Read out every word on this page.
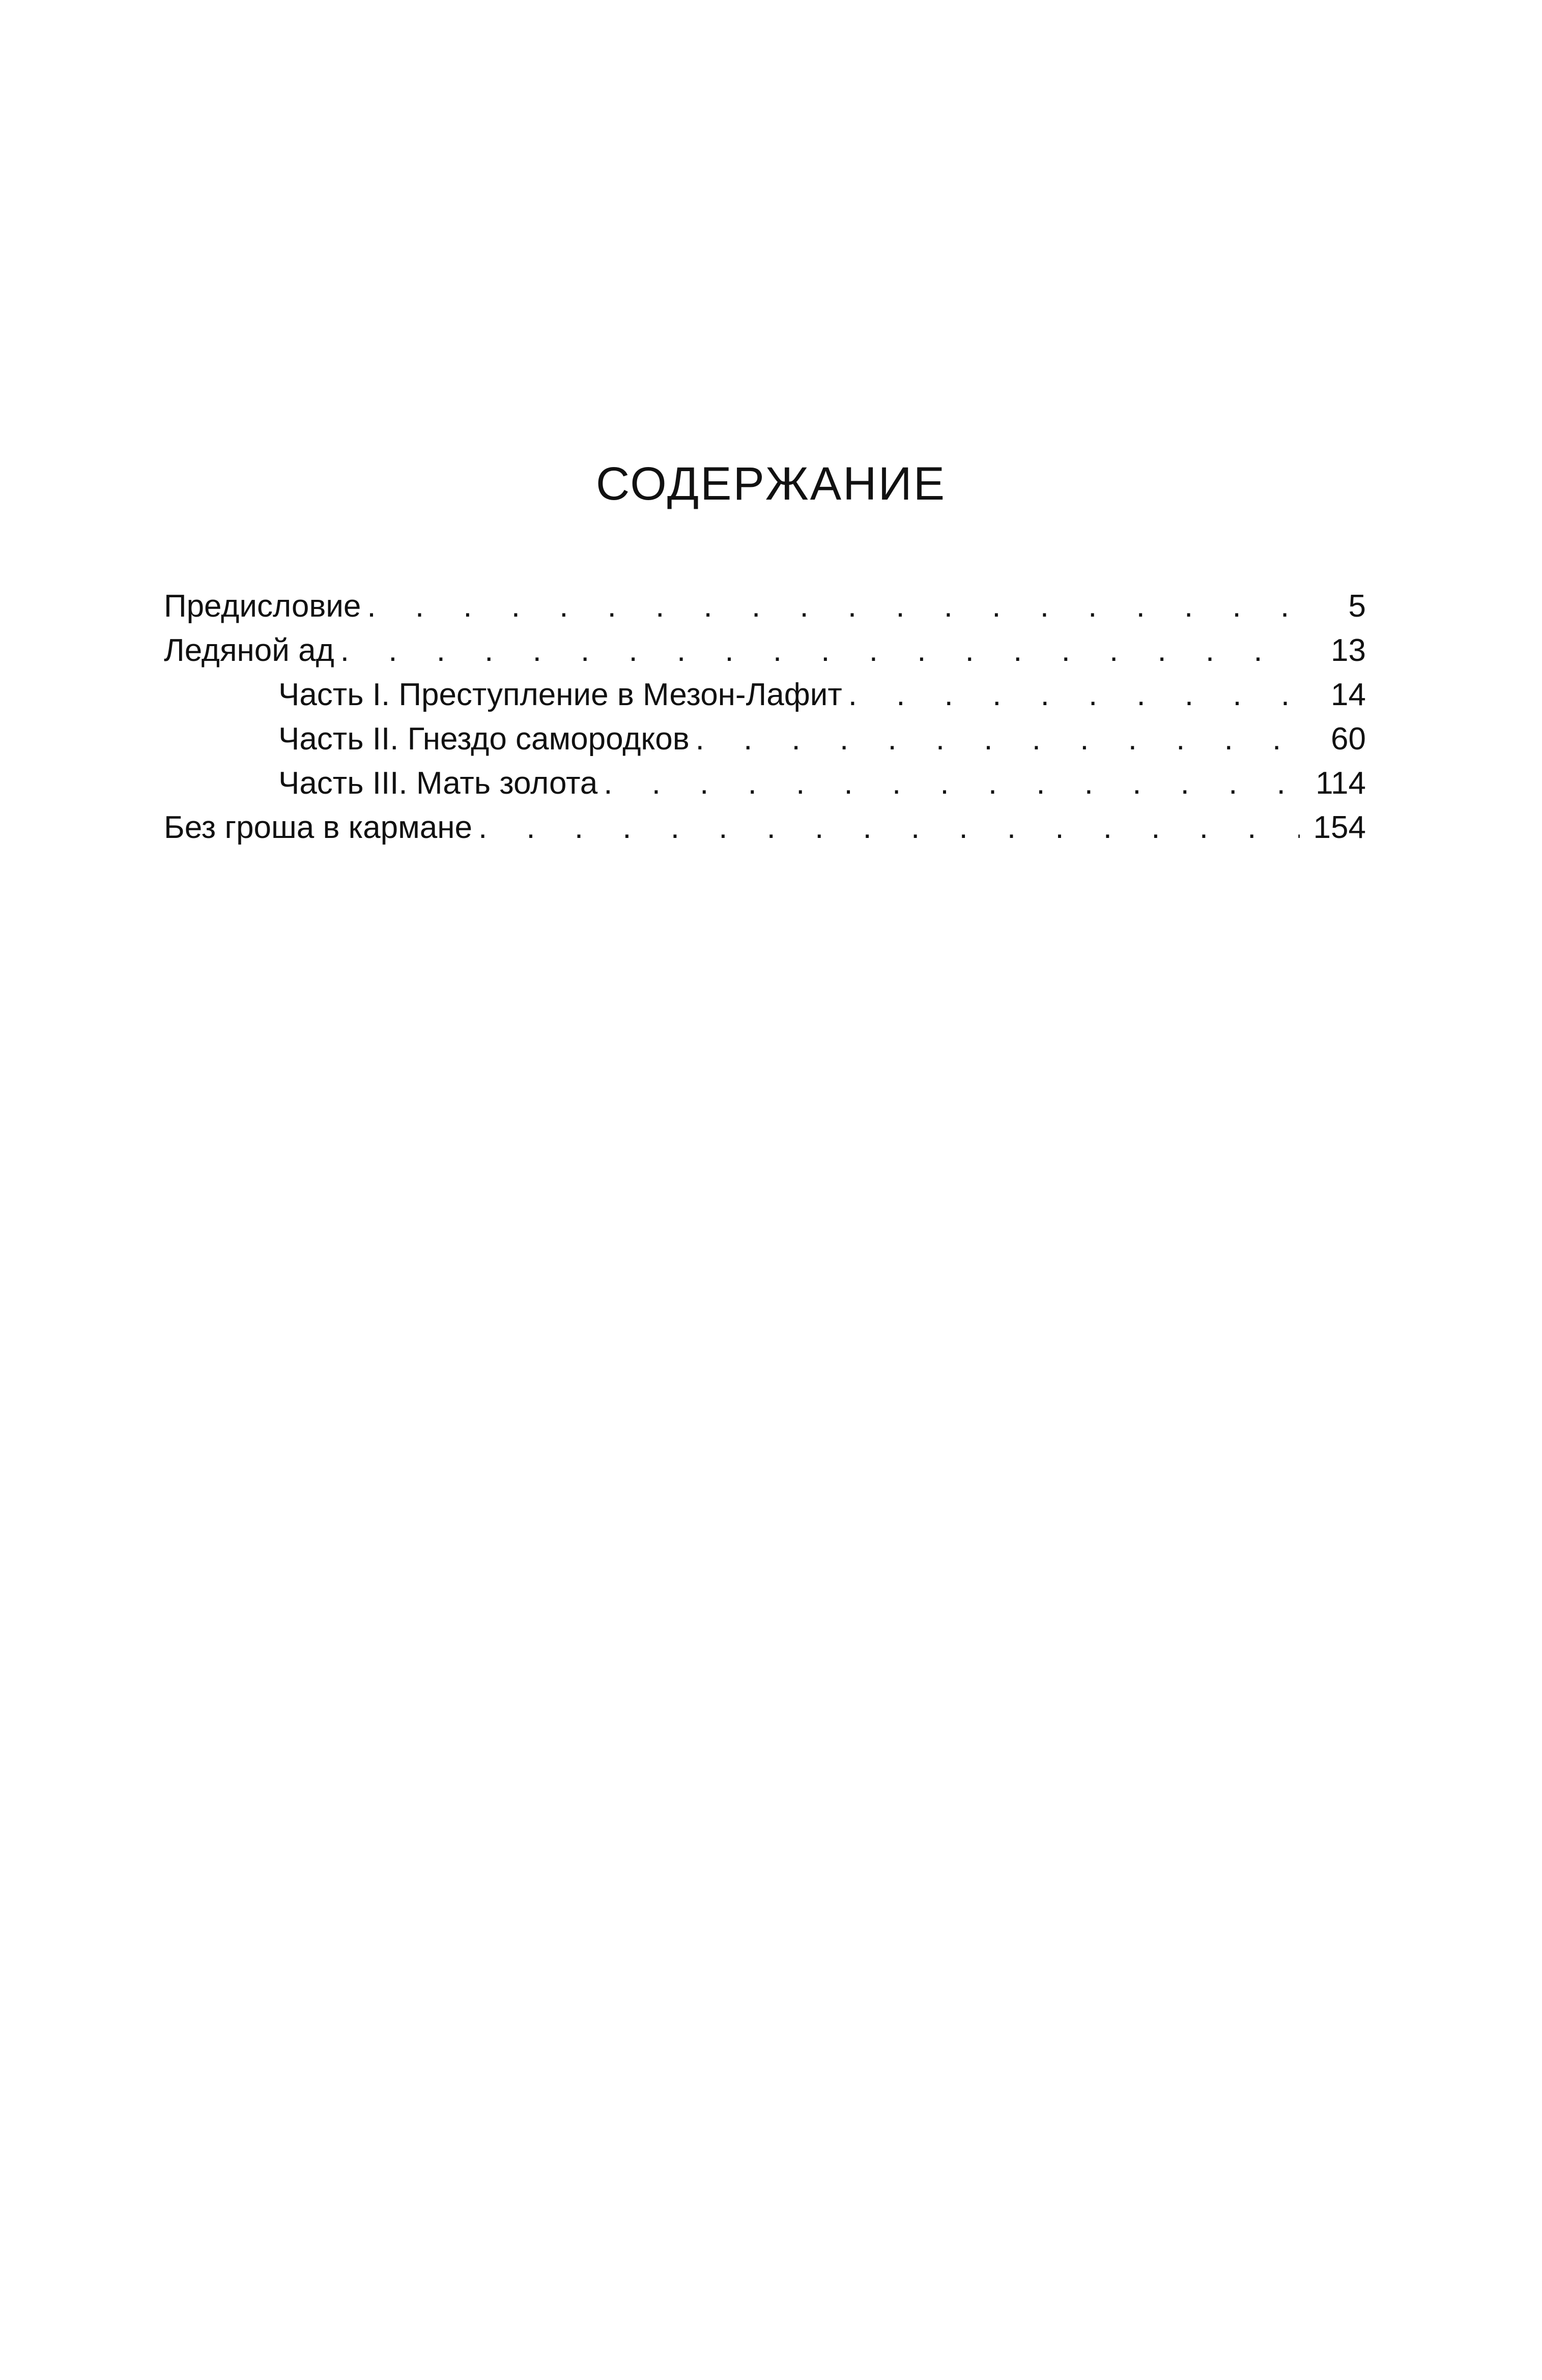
СОДЕРЖАНИЕ
Предисловие . . .	5
Ледяной ад . . .	13
Часть I. Преступление в Мезон-Лафит . . .	14
Часть II. Гнездо самородков . . .	60
Часть III. Мать золота . . .	114
Без гроша в кармане . . .	154
